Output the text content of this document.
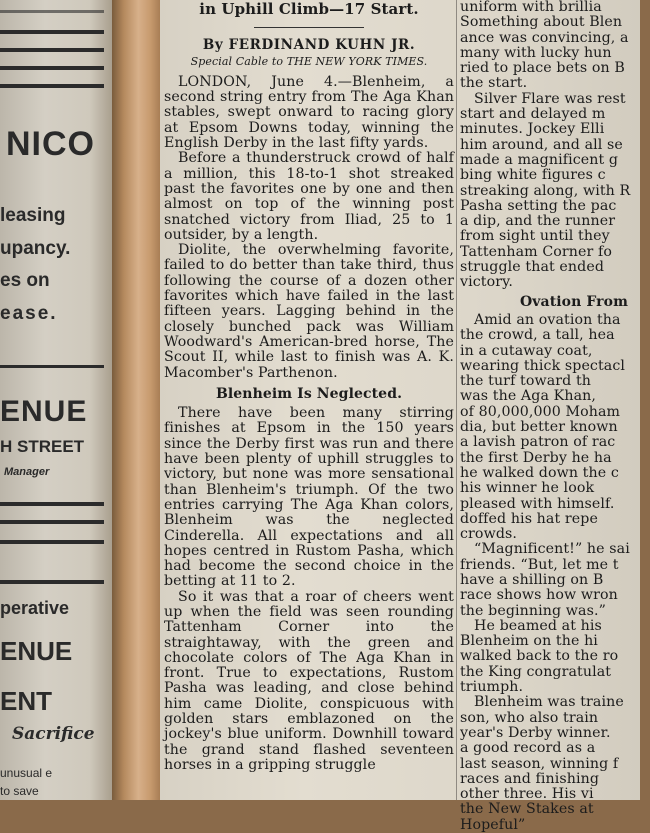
NICO
leasing
upancy.
es on
ease.
ENUE
H STREET
Manager
perative
ENUE
ENT
Sacrifice
unusual e
to save
in Uphill Climb—17 Start.
By FERDINAND KUHN JR.
Special Cable to THE NEW YORK TIMES.

LONDON, June 4.—Blenheim, a second string entry from The Aga Khan stables, swept onward to racing glory at Epsom Downs today, winning the English Derby in the last fifty yards.

Before a thunderstruck crowd of half a million, this 18-to-1 shot streaked past the favorites one by one and then almost on top of the winning post snatched victory from Iliad, 25 to 1 outsider, by a length.

Diolite, the overwhelming favorite, failed to do better than take third, thus following the course of a dozen other favorites which have failed in the last fifteen years. Lagging behind in the closely bunched pack was William Woodward's American-bred horse, The Scout II, while last to finish was A. K. Macomber's Parthenon.

Blenheim Is Neglected.

There have been many stirring finishes at Epsom in the 150 years since the Derby first was run and there have been plenty of uphill struggles to victory, but none was more sensational than Blenheim's triumph. Of the two entries carrying The Aga Khan colors, Blenheim was the neglected Cinderella. All expectations and all hopes centred in Rustom Pasha, which had become the second choice in the betting at 11 to 2.

So it was that a roar of cheers went up when the field was seen rounding Tattenham Corner into the straightaway, with the green and chocolate colors of The Aga Khan in front. True to expectations, Rustom Pasha was leading, and close behind him came Diolite, conspicuous with golden stars emblazoned on the jockey's blue uniform. Downhill toward the grand stand flashed seventeen horses in a gripping struggle

uniform with brillia
Something about Blen
ance was convincing, a
many with lucky hun
ried to place bets on B
the start.
Silver Flare was rest
start and delayed m
minutes. Jockey Elli
him around, and all se
made a magnificent g
bing white figures c
streaking along, with R
Pasha setting the pac
a dip, and the runner
from sight until they
Tattenham Corner fo
struggle that ended
victory.
Ovation From
Amid an ovation tha
the crowd, a tall, hea
in a cutaway coat,
wearing thick spectacl
the turf toward th
was the Aga Khan,
of 80,000,000 Moham
dia, but better known
a lavish patron of rac
the first Derby he ha
he walked down the c
his winner he look
pleased with himself.
doffed his hat repe
crowds.
“Magnificent!” he sai
friends. “But, let me t
have a shilling on B
race shows how wron
the beginning was.”
He beamed at his
Blenheim on the hi
walked back to the ro
the King congratulat
triumph.
Blenheim was traine
son, who also train
year's Derby winner.
a good record as a
last season, winning f
races and finishing
other three. His vi
the New Stakes at
Hopeful”
